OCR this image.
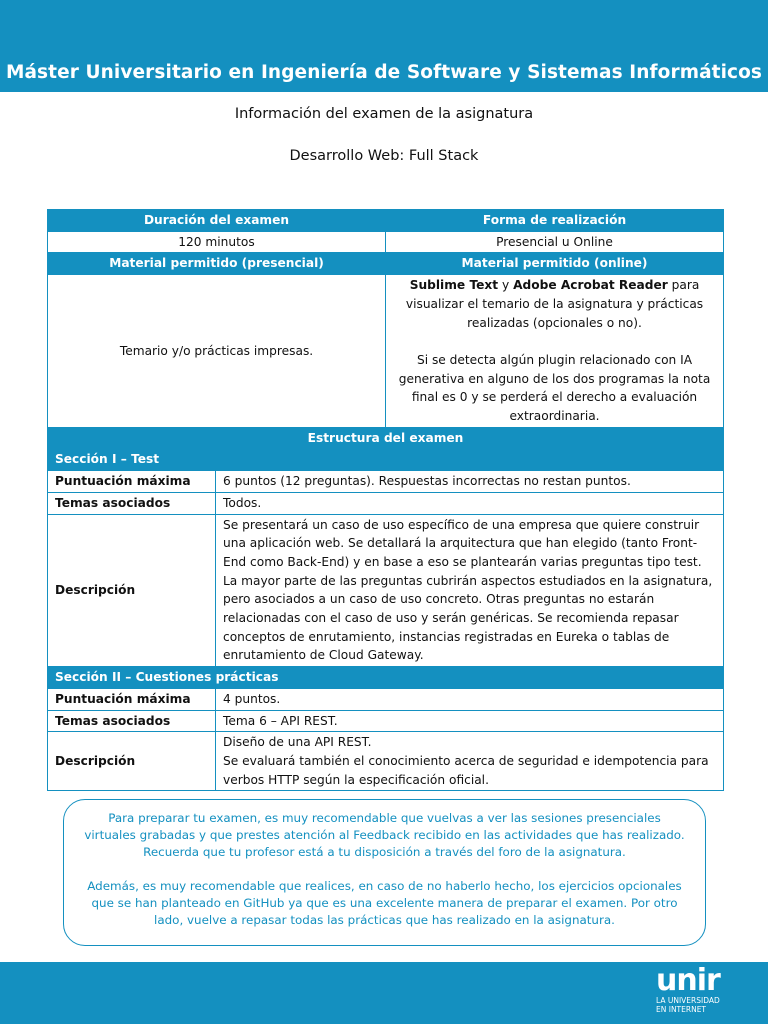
Máster Universitario en Ingeniería de Software y Sistemas Informáticos
Información del examen de la asignatura
Desarrollo Web: Full Stack
Duración del examen		Forma de realización
120 minutos		Presencial u Online
Material permitido (presencial)		Material permitido (online)
Temario y/o prácticas impresas.		Sublime Text y Adobe Acrobat Reader para visualizar el temario de la asignatura y prácticas realizadas (opcionales o no).
Si se detecta algún plugin relacionado con IA generativa en alguno de los dos programas la nota final es 0 y se perderá el derecho a evaluación extraordinaria.

Estructura del examen		
Sección I – Test		
Puntuación máxima	6 puntos (12 preguntas). Respuestas incorrectas no restan puntos.	
Temas asociados	Todos.	
Descripción	Se presentará un caso de uso específico de una empresa que quiere construir una aplicación web. Se detallará la arquitectura que han elegido (tanto Front-End como Back-End) y en base a eso se plantearán varias preguntas tipo test. La mayor parte de las preguntas cubrirán aspectos estudiados en la asignatura, pero asociados a un caso de uso concreto. Otras preguntas no estarán relacionadas con el caso de uso y serán genéricas. Se recomienda repasar conceptos de enrutamiento, instancias registradas en Eureka o tablas de enrutamiento de Cloud Gateway.	
Sección II – Cuestiones prácticas		
Puntuación máxima	4 puntos.	
Temas asociados	Tema 6 – API REST.	
Descripción	Diseño de una API REST.
Se evaluará también el conocimiento acerca de seguridad e idempotencia para verbos HTTP según la especificación oficial.	

Para preparar tu examen, es muy recomendable que vuelvas a ver las sesiones presenciales virtuales grabadas y que prestes atención al Feedback recibido en las actividades que has realizado. Recuerda que tu profesor está a tu disposición a través del foro de la asignatura.

Además, es muy recomendable que realices, en caso de no haberlo hecho, los ejercicios opcionales que se han planteado en GitHub ya que es una excelente manera de preparar el examen. Por otro lado, vuelve a repasar todas las prácticas que has realizado en la asignatura.

unir
LA UNIVERSIDAD
EN INTERNET
